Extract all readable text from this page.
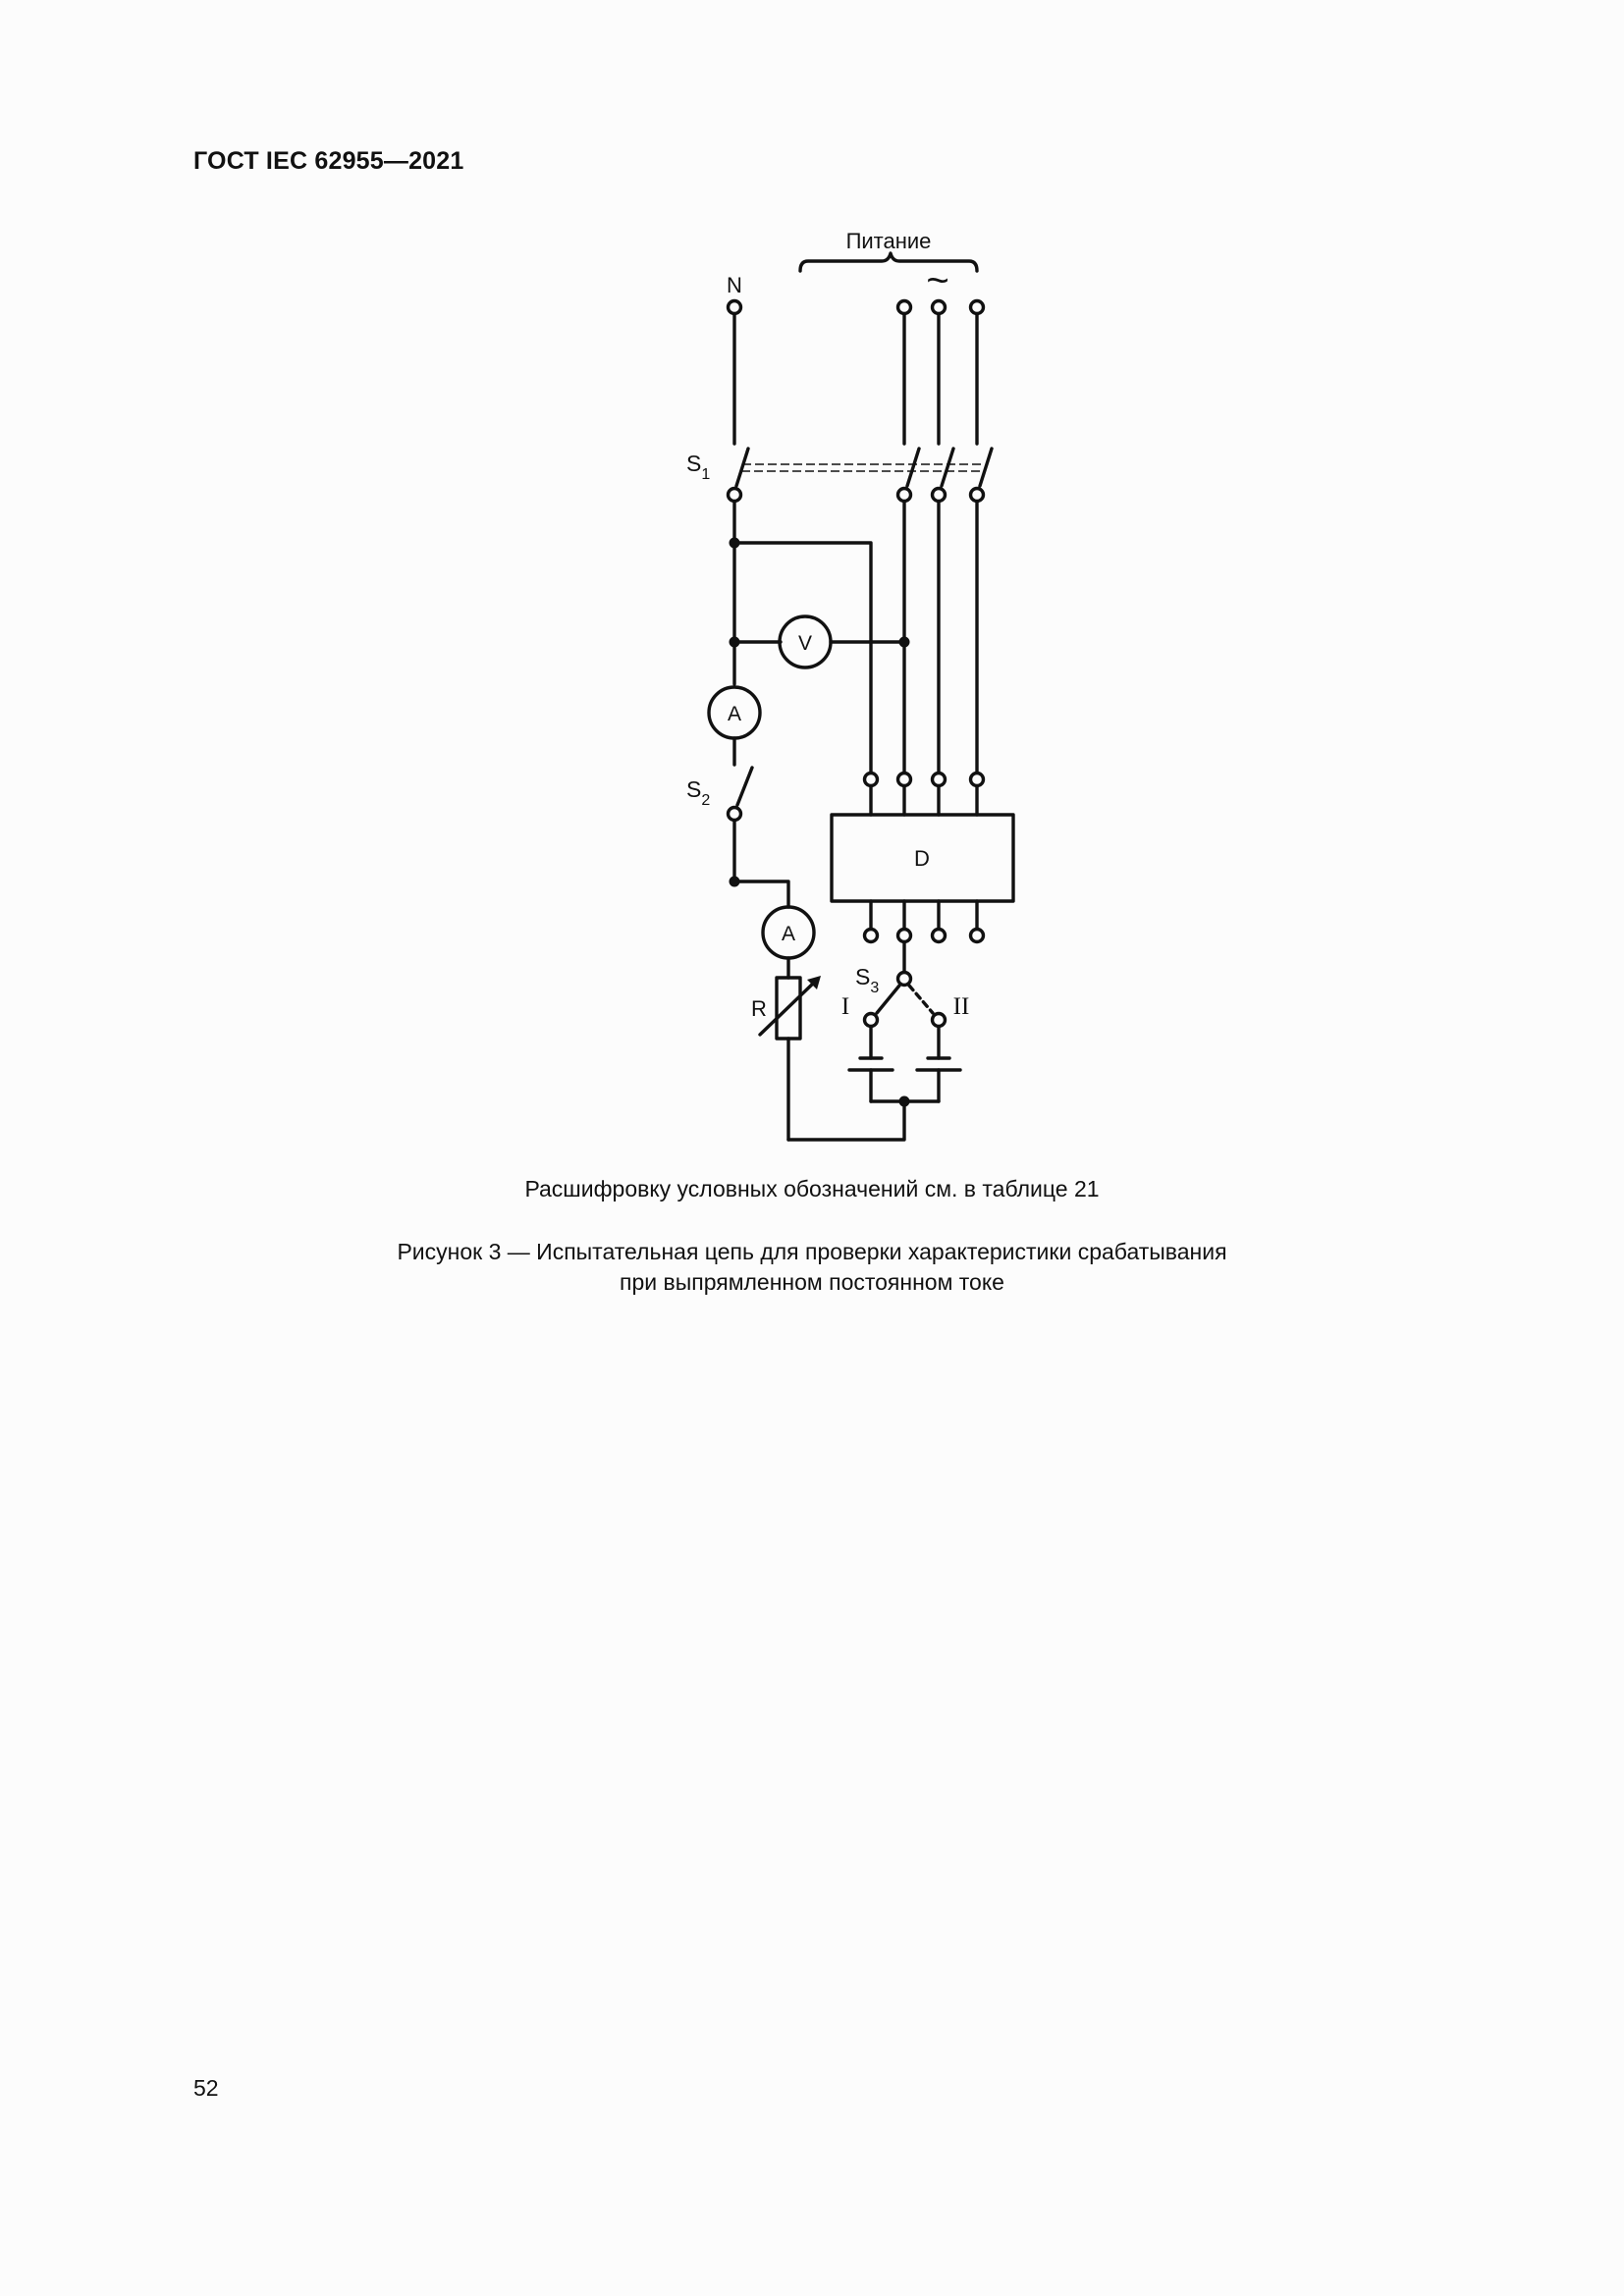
ГОСТ IEC 62955—2021
Питание
~
N
$S_1$
$S_2$
$S_3$
V
A
A
D
R	I	II
Расшифровку условных обозначений см. в таблице 21
Рисунок 3 — Испытательная цепь для проверки характеристики срабатывания
при выпрямленном постоянном токе
52
